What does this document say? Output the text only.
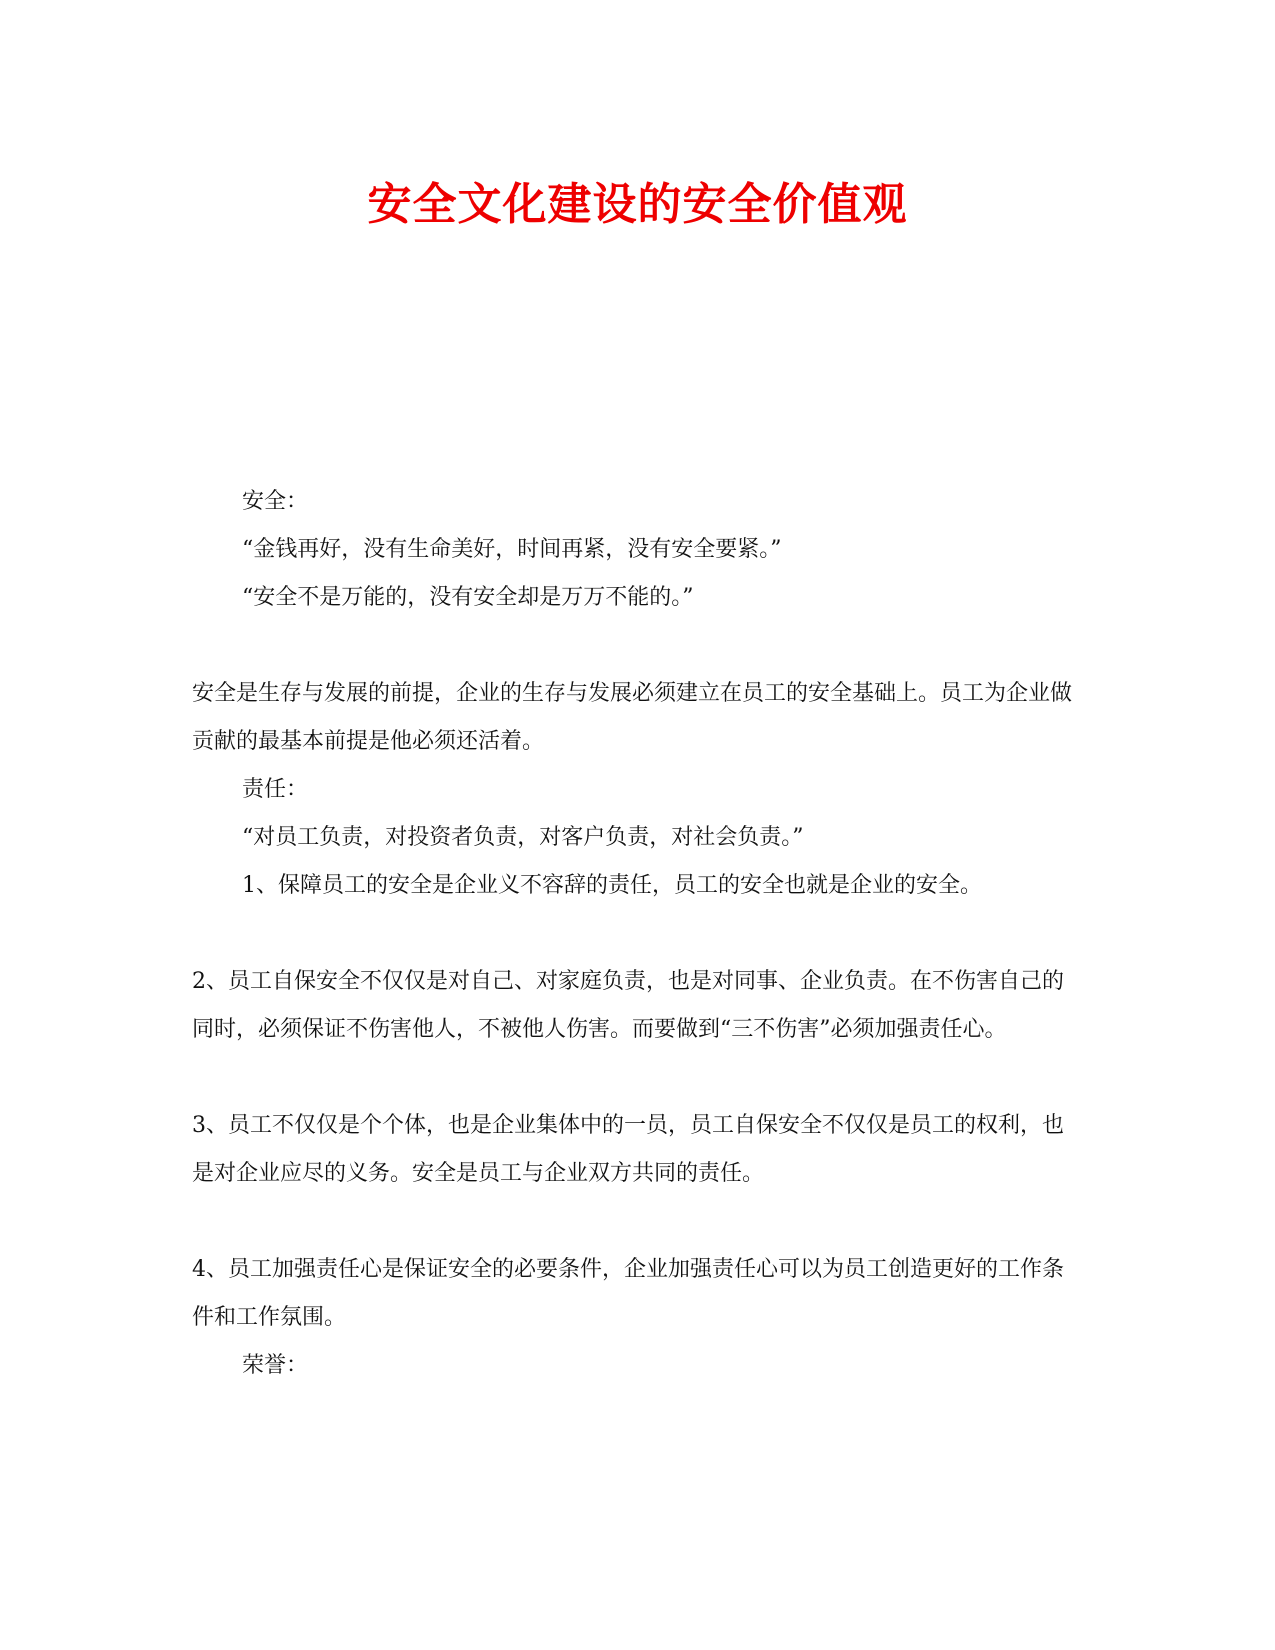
安全文化建设的安全价值观

安全：

“金钱再好，没有生命美好，时间再紧，没有安全要紧。”

“安全不是万能的，没有安全却是万万不能的。”

安全是生存与发展的前提，企业的生存与发展必须建立在员工的安全基础上。员工为企业做贡献的最基本前提是他必须还活着。

责任：

“对员工负责，对投资者负责，对客户负责，对社会负责。”

1、保障员工的安全是企业义不容辞的责任，员工的安全也就是企业的安全。

2、员工自保安全不仅仅是对自己、对家庭负责，也是对同事、企业负责。在不伤害自己的同时，必须保证不伤害他人，不被他人伤害。而要做到“三不伤害”必须加强责任心。

3、员工不仅仅是个个体，也是企业集体中的一员，员工自保安全不仅仅是员工的权利，也是对企业应尽的义务。安全是员工与企业双方共同的责任。

4、员工加强责任心是保证安全的必要条件，企业加强责任心可以为员工创造更好的工作条件和工作氛围。

荣誉：
